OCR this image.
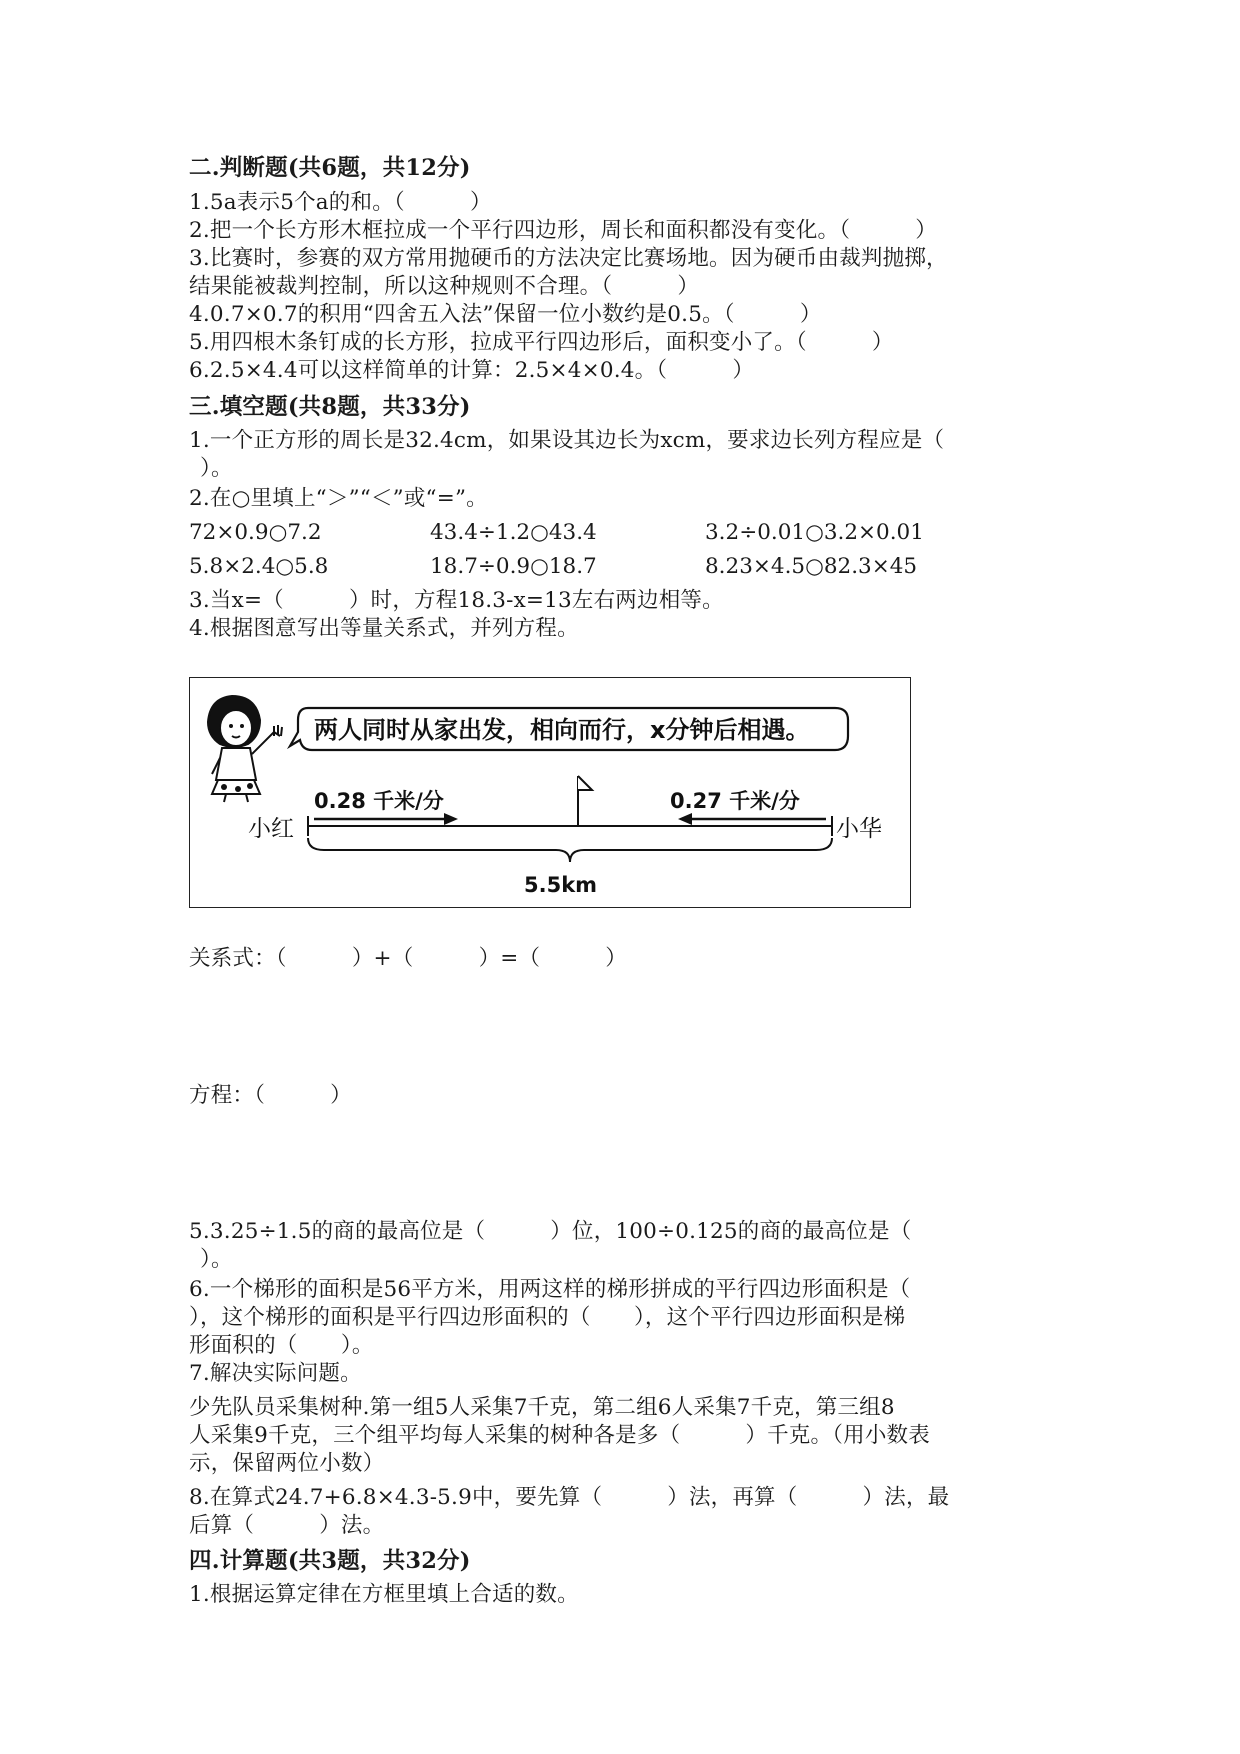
二.判断题(共6题，共12分)
1.5a表示5个a的和。（　　　）
2.把一个长方形木框拉成一个平行四边形，周长和面积都没有变化。（　　　）
3.比赛时，参赛的双方常用抛硬币的方法决定比赛场地。因为硬币由裁判抛掷，
结果能被裁判控制，所以这种规则不合理。（　　　）
4.0.7×0.7的积用“四舍五入法”保留一位小数约是0.5。（　　　）
5.用四根木条钉成的长方形，拉成平行四边形后，面积变小了。（　　　）
6.2.5×4.4可以这样简单的计算：2.5×4×0.4。（　　　）
三.填空题(共8题，共33分)
1.一个正方形的周长是32.4cm，如果设其边长为xcm，要求边长列方程应是（
）。
2.在○里填上“＞”“＜”或“=”。
72×0.9○7.2	43.4÷1.2○43.4	3.2÷0.01○3.2×0.01
5.8×2.4○5.8	18.7÷0.9○18.7	8.23×4.5○82.3×45
3.当x=（　　　）时，方程18.3-x=13左右两边相等。
4.根据图意写出等量关系式，并列方程。
两人同时从家出发，相向而行，x分钟后相遇。
0.28 千米/分	0.27 千米/分
小红	小华
5.5km
关系式：（　　　）+（　　　）=（　　　）
方程：（　　　）
5.3.25÷1.5的商的最高位是（　　　）位，100÷0.125的商的最高位是（
）。
6.一个梯形的面积是56平方米，用两这样的梯形拼成的平行四边形面积是（
），这个梯形的面积是平行四边形面积的（　　），这个平行四边形面积是梯
形面积的（　　）。
7.解决实际问题。
少先队员采集树种.第一组5人采集7千克，第二组6人采集7千克，第三组8
人采集9千克，三个组平均每人采集的树种各是多（　　　）千克。（用小数表
示，保留两位小数）
8.在算式24.7+6.8×4.3-5.9中，要先算（　　　）法，再算（　　　）法，最
后算（　　　）法。
四.计算题(共3题，共32分)
1.根据运算定律在方框里填上合适的数。
